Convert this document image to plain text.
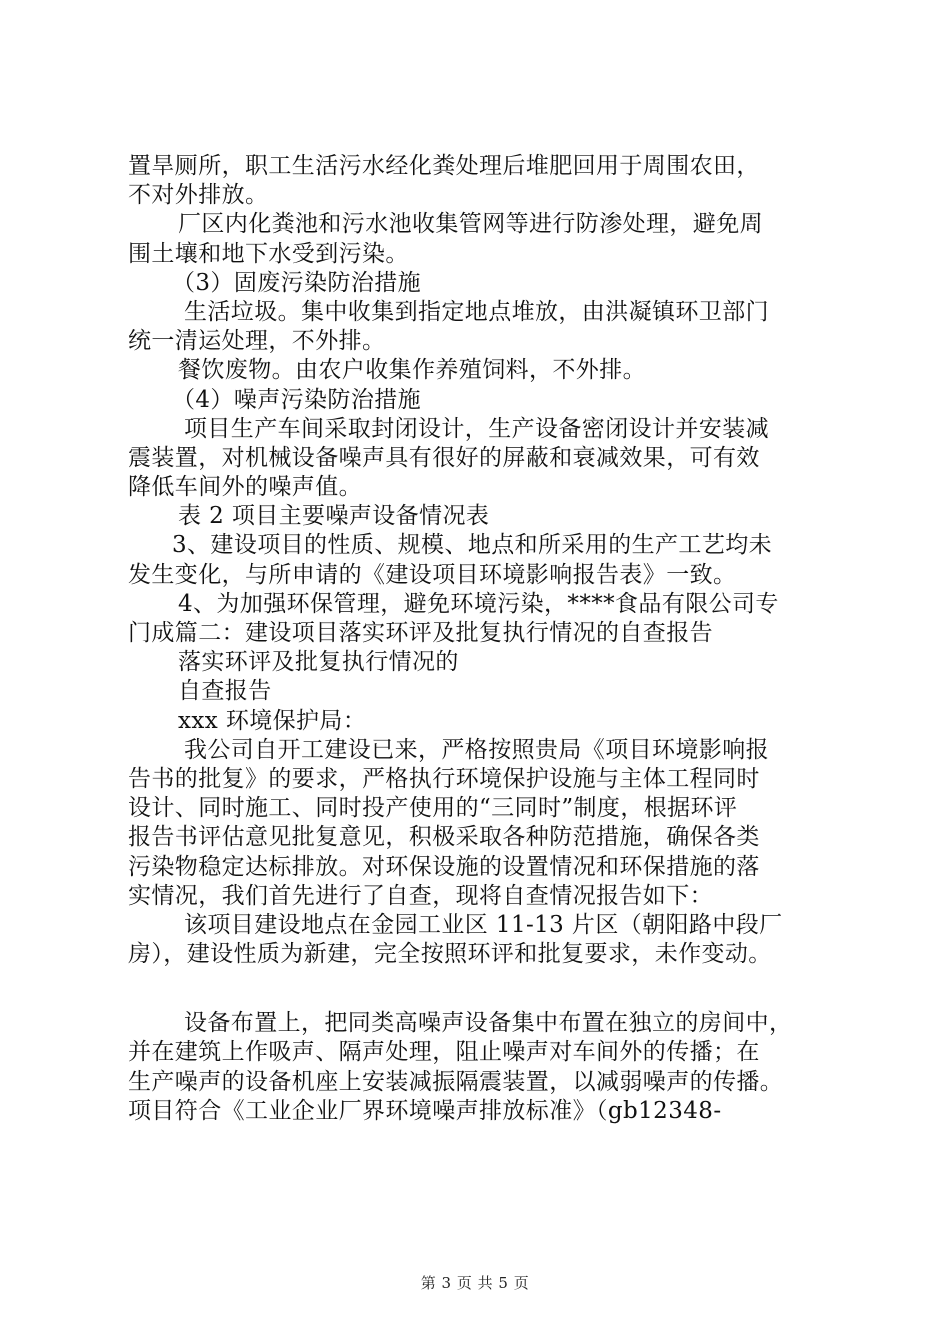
置旱厕所，职工生活污水经化粪处理后堆肥回用于周围农田，
不对外排放。
厂区内化粪池和污水池收集管网等进行防渗处理，避免周
围土壤和地下水受到污染。
（3）固废污染防治措施
生活垃圾。集中收集到指定地点堆放，由洪凝镇环卫部门
统一清运处理，不外排。
餐饮废物。由农户收集作养殖饲料，不外排。
（4）噪声污染防治措施
项目生产车间采取封闭设计，生产设备密闭设计并安装减
震装置，对机械设备噪声具有很好的屏蔽和衰减效果，可有效
降低车间外的噪声值。
表 2 项目主要噪声设备情况表
3、建设项目的性质、规模、地点和所采用的生产工艺均未
发生变化，与所申请的《建设项目环境影响报告表》一致。
4、为加强环保管理，避免环境污染，****食品有限公司专
门成篇二：建设项目落实环评及批复执行情况的自查报告
落实环评及批复执行情况的
自查报告
xxx 环境保护局：
我公司自开工建设已来，严格按照贵局《项目环境影响报
告书的批复》的要求，严格执行环境保护设施与主体工程同时
设计、同时施工、同时投产使用的“三同时”制度，根据环评
报告书评估意见批复意见，积极采取各种防范措施，确保各类
污染物稳定达标排放。对环保设施的设置情况和环保措施的落
实情况，我们首先进行了自查，现将自查情况报告如下：
该项目建设地点在金园工业区 11-13 片区（朝阳路中段厂
房），建设性质为新建，完全按照环评和批复要求，未作变动。
设备布置上，把同类高噪声设备集中布置在独立的房间中，
并在建筑上作吸声、隔声处理，阻止噪声对车间外的传播；在
生产噪声的设备机座上安装减振隔震装置，以减弱噪声的传播。
项目符合《工业企业厂界环境噪声排放标准》（gb12348-
第 3 页 共 5 页
